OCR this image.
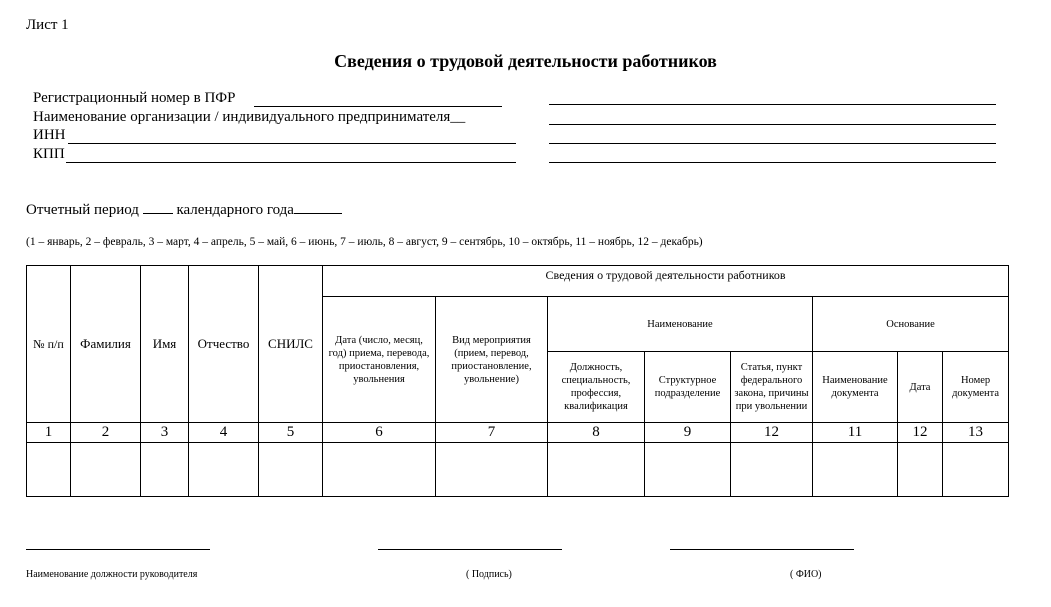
Лист 1
Сведения о трудовой деятельности работников
Регистрационный номер в ПФР
Наименование организации / индивидуального предпринимателя__
ИНН
КПП
Отчетный период	календарного года
(1 – январь, 2 – февраль, 3 – март, 4 – апрель, 5 – май, 6 – июнь, 7 – июль, 8 – август, 9 – сентябрь, 10 – октябрь, 11 – ноябрь, 12 – декабрь)
№ п/п	Фамилия	Имя	Отчество	СНИЛС	Сведения о трудовой деятельности работников							
					Дата (число, месяц, год) приема, перевода, приостановления, увольнения	Вид мероприятия (прием, перевод, приостановление, увольнение)	Наименование			Основание		
							Должность, специальность, профессия, квалификация	Структурное подразделение	Статья, пункт федерального закона, причины при увольнении	Наименование документа	Дата	Номер документа
1	2	3	4	5	6	7	8	9	12	11	12	13

Наименование должности руководителя	( Подпись)	( ФИО)
